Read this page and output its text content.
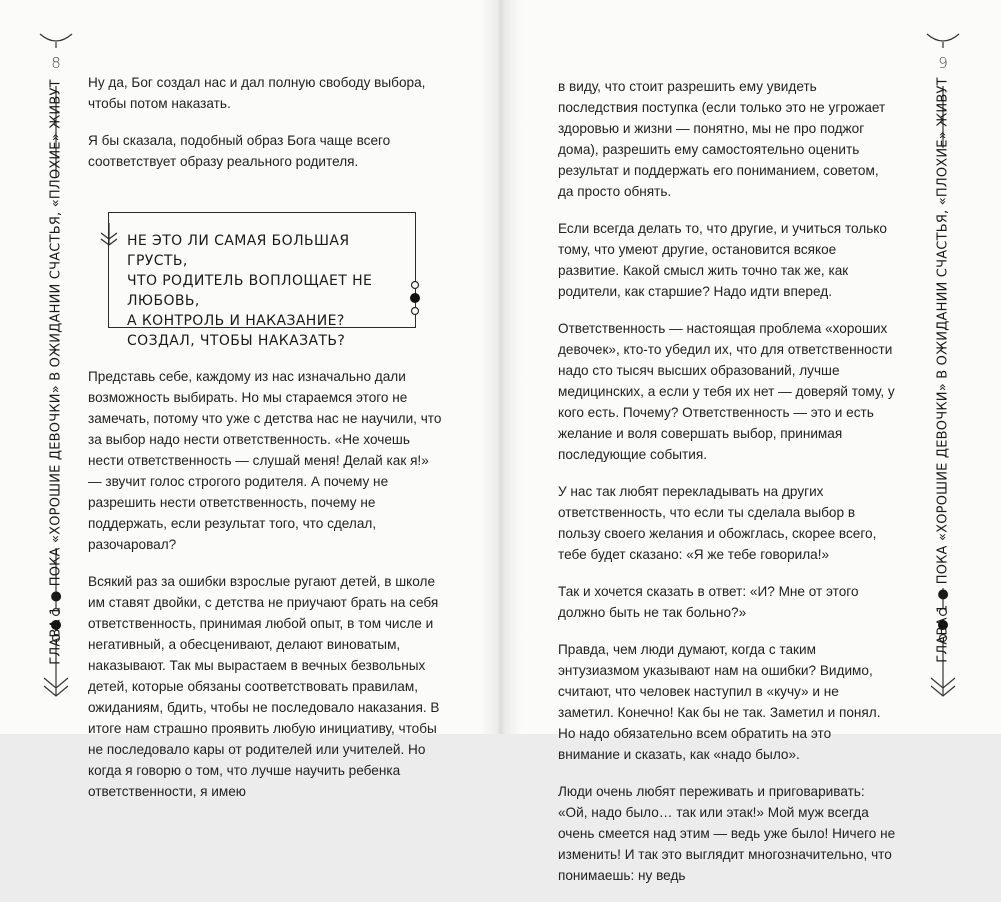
8
ГЛАВА 1 ● ПОКА «ХОРОШИЕ ДЕВОЧКИ» В ОЖИДАНИИ СЧАСТЬЯ, «ПЛОХИЕ» ЖИВУТ Ну да, Бог создал нас и дал полную свободу выбора, чтобы потом наказать.

Я бы сказала, подобный образ Бога чаще всего соответствует образу реального родителя.

НЕ ЭТО ЛИ САМАЯ БОЛЬШАЯ ГРУСТЬ,
ЧТО РОДИТЕЛЬ ВОПЛОЩАЕТ НЕ ЛЮБОВЬ,
А КОНТРОЛЬ И НАКАЗАНИЕ?
СОЗДАЛ, ЧТОБЫ НАКАЗАТЬ?

Представь себе, каждому из нас изначально дали возможность выбирать. Но мы стараемся этого не замечать, потому что уже с детства нас не научили, что за выбор надо нести ответственность. «Не хочешь нести ответственность — слушай меня! Делай как я!» — звучит голос строгого родителя. А почему не разрешить нести ответственность, почему не поддержать, если результат того, что сделал, разочаровал?

Всякий раз за ошибки взрослые ругают детей, в школе им ставят двойки, с детства не приучают брать на себя ответственность, принимая любой опыт, в том числе и негативный, а обесценивают, делают виноватым, наказывают. Так мы вырастаем в вечных безвольных детей, которые обязаны соответствовать правилам, ожиданиям, бдить, чтобы не последовало наказания. В итоге нам страшно проявить любую инициативу, чтобы не последовало кары от родителей или учителей. Но когда я говорю о том, что лучше научить ребенка ответственности, я имею

в виду, что стоит разрешить ему увидеть последствия поступка (если только это не угрожает здоровью и жизни — понятно, мы не про поджог дома), разрешить ему самостоятельно оценить результат и поддержать его пониманием, советом, да просто обнять.

Если всегда делать то, что другие, и учиться только тому, что умеют другие, остановится всякое развитие. Какой смысл жить точно так же, как родители, как старшие? Надо идти вперед.

Ответственность — настоящая проблема «хороших девочек», кто-то убедил их, что для ответственности надо сто тысяч высших образований, лучше медицинских, а если у тебя их нет — доверяй тому, у кого есть. Почему? Ответственность — это и есть желание и воля совершать выбор, принимая последующие события.

У нас так любят перекладывать на других ответственность, что если ты сделала выбор в пользу своего желания и обожглась, скорее всего, тебе будет сказано: «Я же тебе говорила!»

Так и хочется сказать в ответ: «И? Мне от этого должно быть не так больно?»

Правда, чем люди думают, когда с таким энтузиазмом указывают нам на ошибки? Видимо, считают, что человек наступил в «кучу» и не заметил. Конечно! Как бы не так. Заметил и понял. Но надо обязательно всем обратить на это внимание и сказать, как «надо было».

Люди очень любят переживать и приговаривать: «Ой, надо было… так или этак!» Мой муж всегда очень смеется над этим — ведь уже было! Ничего не изменить! И так это выглядит многозначительно, что понимаешь: ну ведь

9
ГЛАВА 1 ● ПОКА «ХОРОШИЕ ДЕВОЧКИ» В ОЖИДАНИИ СЧАСТЬЯ, «ПЛОХИЕ» ЖИВУТ
